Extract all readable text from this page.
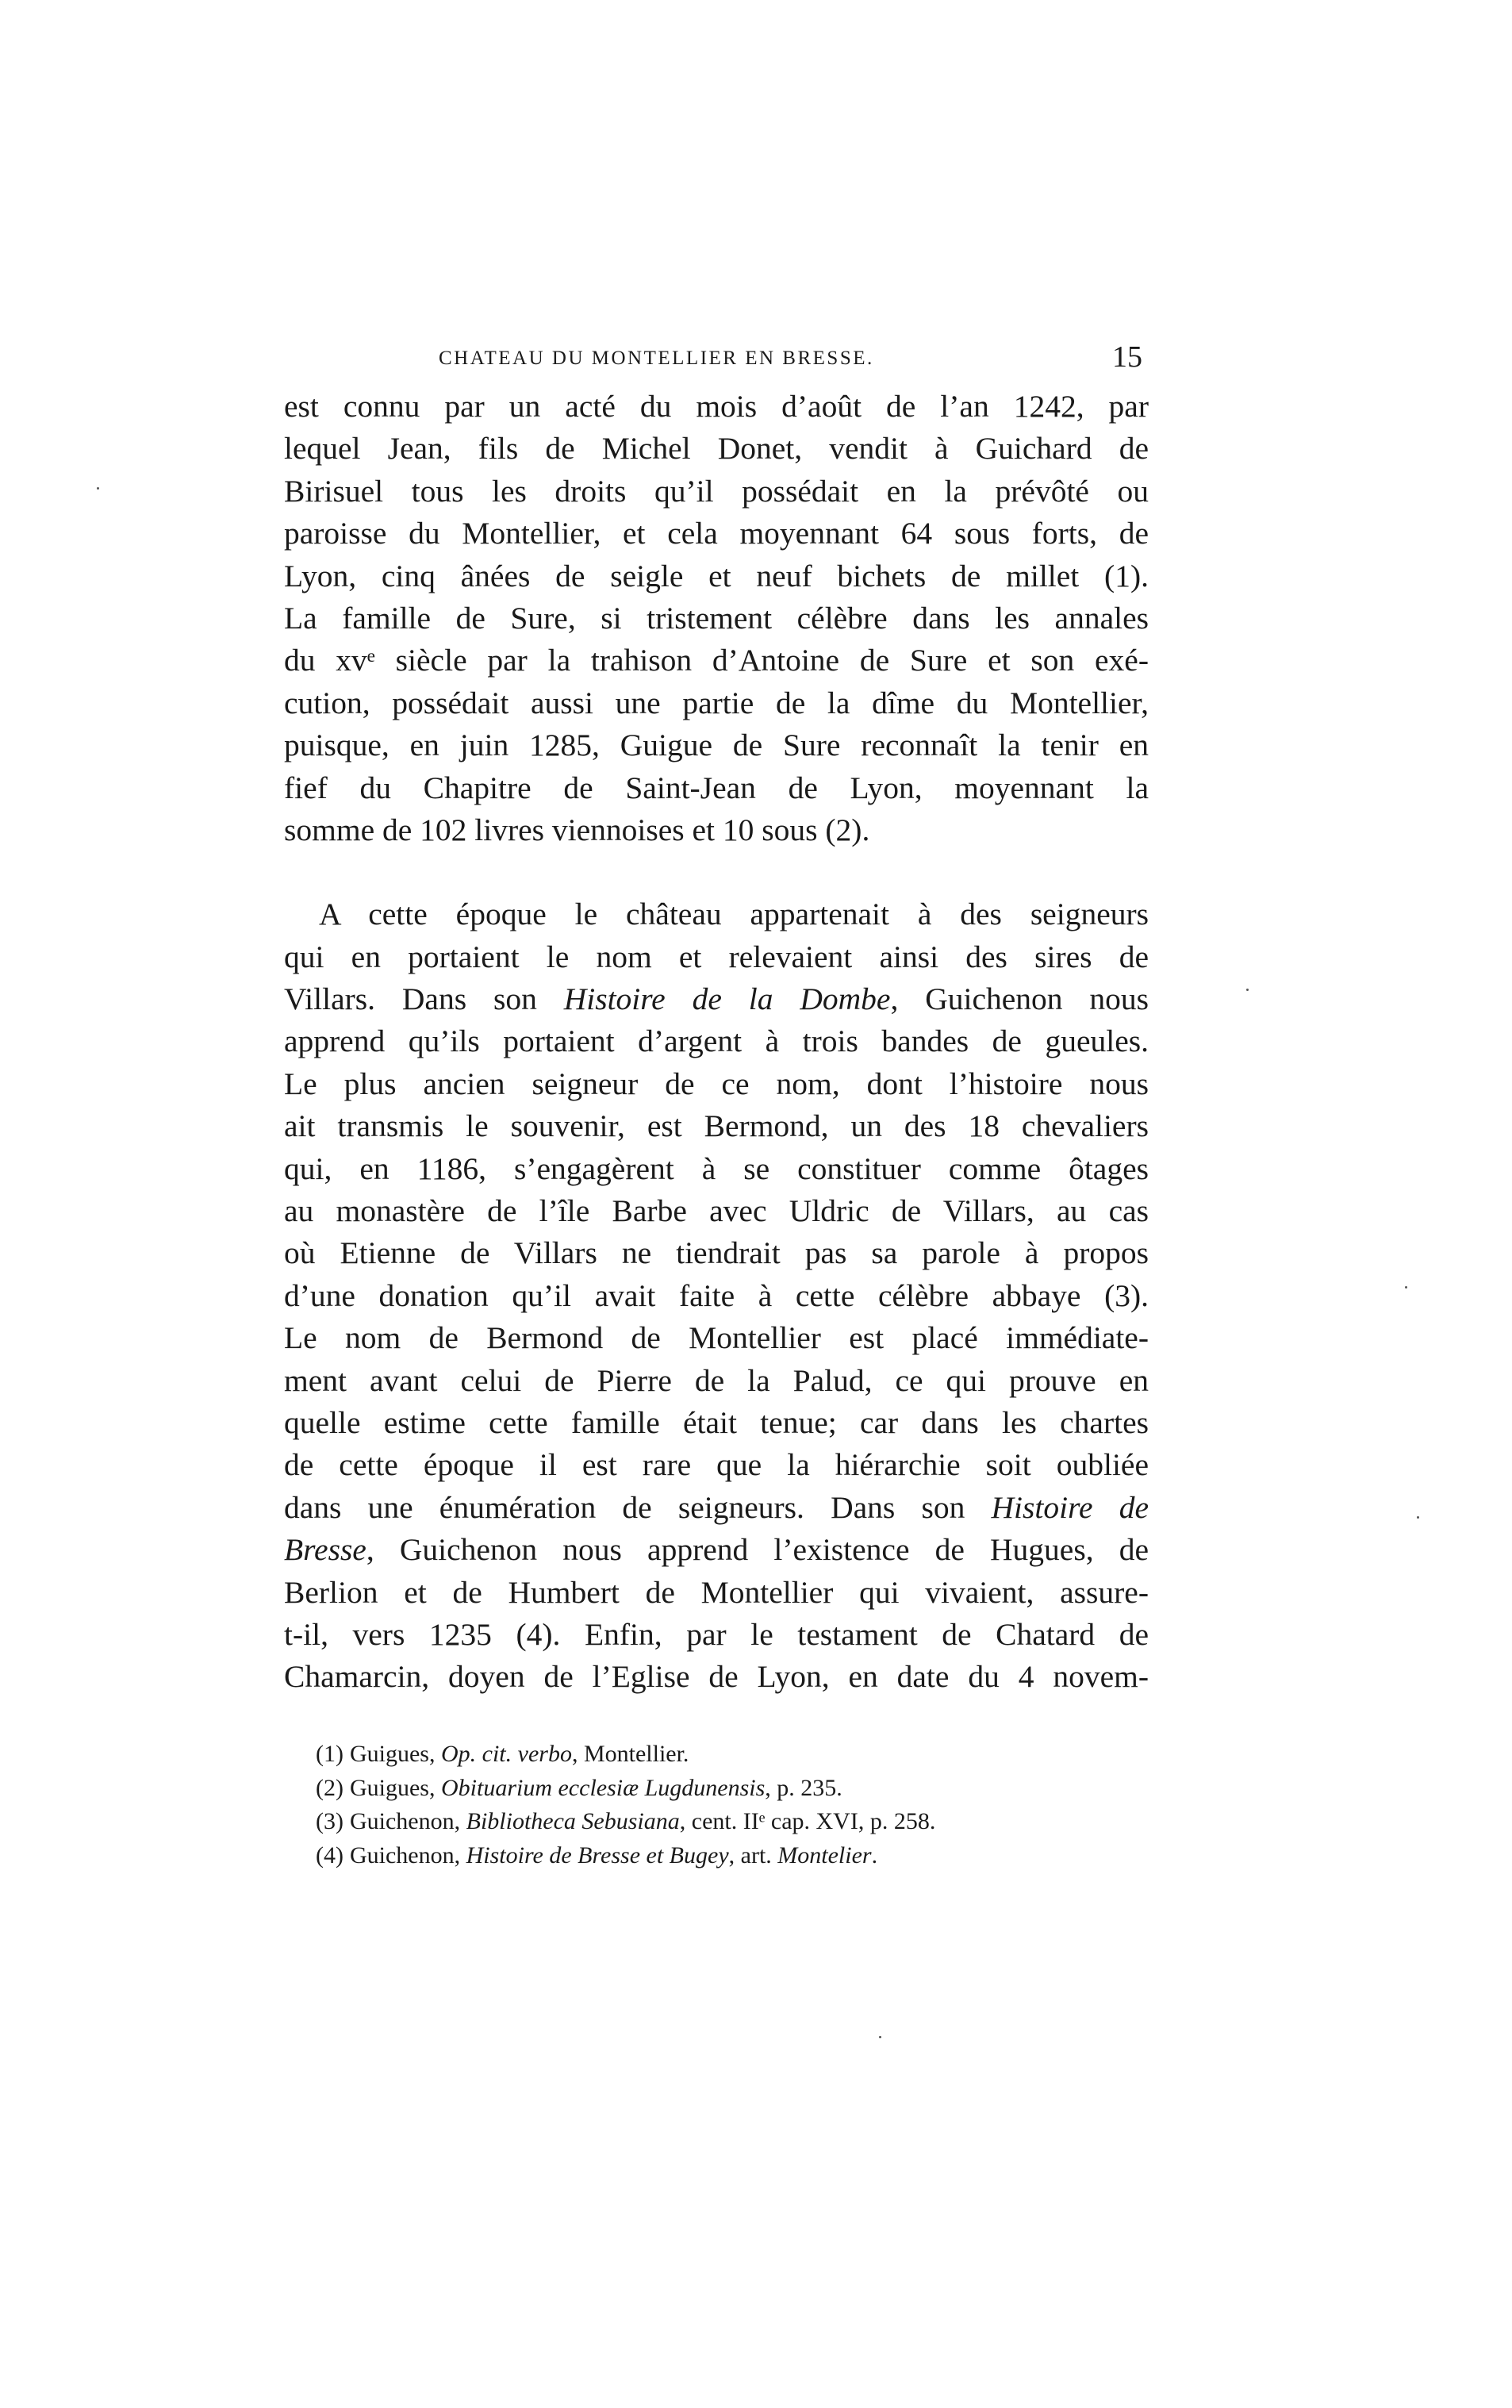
CHATEAU DU MONTELLIER EN BRESSE.	15
est connu par un acté du mois d’août de l’an 1242, par
lequel Jean, fils de Michel Donet, vendit à Guichard de
Birisuel tous les droits qu’il possédait en la prévôté ou
paroisse du Montellier, et cela moyennant 64 sous forts, de
Lyon, cinq ânées de seigle et neuf bichets de millet (1).
La famille de Sure, si tristement célèbre dans les annales
du xvᵉ siècle par la trahison d’Antoine de Sure et son exé-
cution, possédait aussi une partie de la dîme du Montellier,
puisque, en juin 1285, Guigue de Sure reconnaît la tenir en
fief du Chapitre de Saint-Jean de Lyon, moyennant la
somme de 102 livres viennoises et 10 sous (2).
A cette époque le château appartenait à des seigneurs
qui en portaient le nom et relevaient ainsi des sires de
Villars. Dans son Histoire de la Dombe, Guichenon nous
apprend qu’ils portaient d’argent à trois bandes de gueules.
Le plus ancien seigneur de ce nom, dont l’histoire nous
ait transmis le souvenir, est Bermond, un des 18 chevaliers
qui, en 1186, s’engagèrent à se constituer comme ôtages
au monastère de l’île Barbe avec Uldric de Villars, au cas
où Etienne de Villars ne tiendrait pas sa parole à propos
d’une donation qu’il avait faite à cette célèbre abbaye (3).
Le nom de Bermond de Montellier est placé immédiate-
ment avant celui de Pierre de la Palud, ce qui prouve en
quelle estime cette famille était tenue; car dans les chartes
de cette époque il est rare que la hiérarchie soit oubliée
dans une énumération de seigneurs. Dans son Histoire de
Bresse, Guichenon nous apprend l’existence de Hugues, de
Berlion et de Humbert de Montellier qui vivaient, assure-
t-il, vers 1235 (4). Enfin, par le testament de Chatard de
Chamarcin, doyen de l’Eglise de Lyon, en date du 4 novem-
(1) Guigues, Op. cit. verbo, Montellier.
(2) Guigues, Obituarium ecclesiæ Lugdunensis, p. 235.
(3) Guichenon, Bibliotheca Sebusiana, cent. IIᵉ cap. XVI, p. 258.
(4) Guichenon, Histoire de Bresse et Bugey, art. Montelier.
